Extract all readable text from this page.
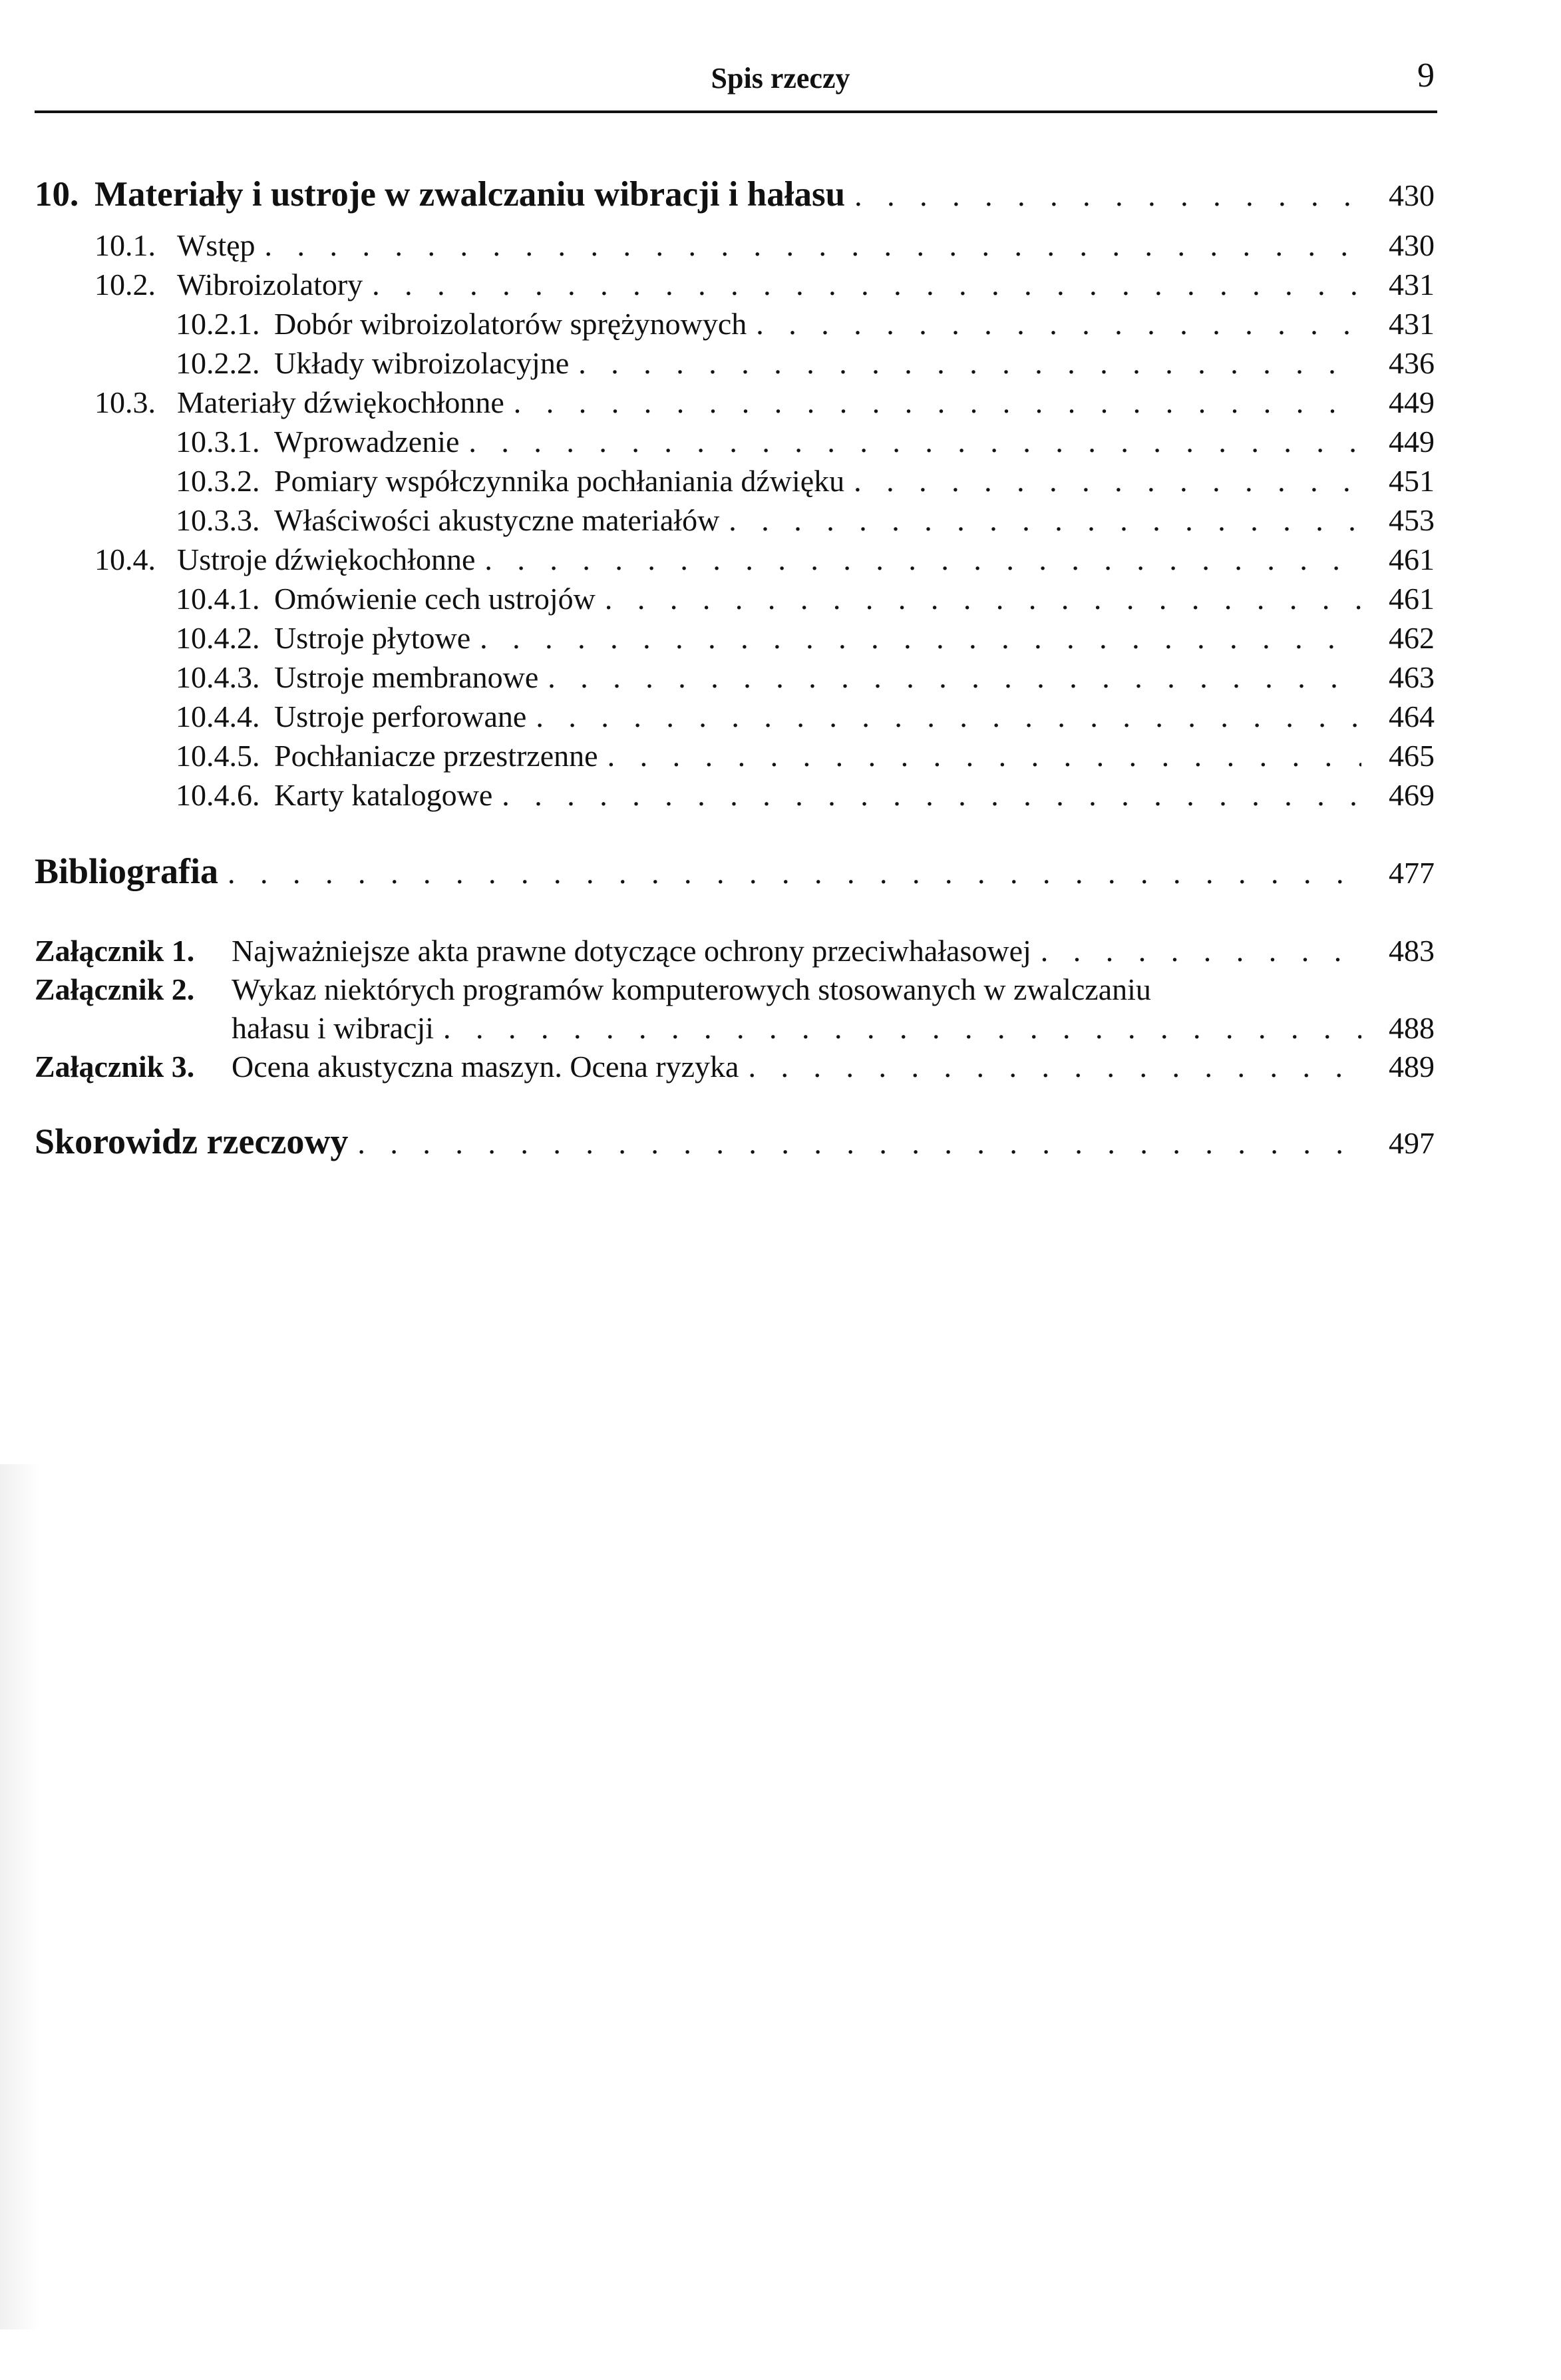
Spis rzeczy	9
10. Materiały i ustroje w zwalczaniu wibracji i hałasu . . .	430
10.1. Wstęp . . .	430
10.2. Wibroizolatory . . .	431
10.2.1. Dobór wibroizolatorów sprężynowych . . .	431
10.2.2. Układy wibroizolacyjne . . .	436
10.3. Materiały dźwiękochłonne . . .	449
10.3.1. Wprowadzenie . . .	449
10.3.2. Pomiary współczynnika pochłaniania dźwięku . . .	451
10.3.3. Właściwości akustyczne materiałów . . .	453
10.4. Ustroje dźwiękochłonne . . .	461
10.4.1. Omówienie cech ustrojów . . .	461
10.4.2. Ustroje płytowe . . .	462
10.4.3. Ustroje membranowe . . .	463
10.4.4. Ustroje perforowane . . .	464
10.4.5. Pochłaniacze przestrzenne . . .	465
10.4.6. Karty katalogowe . . .	469
Bibliografia . . .	477
Załącznik 1.	Najważniejsze akta prawne dotyczące ochrony przeciwhałasowej . . .	483
Załącznik 2.	Wykaz niektórych programów komputerowych stosowanych w zwalczaniu
hałasu i wibracji . . .	488
Załącznik 3.	Ocena akustyczna maszyn. Ocena ryzyka . . .	489
Skorowidz rzeczowy . . .	497
